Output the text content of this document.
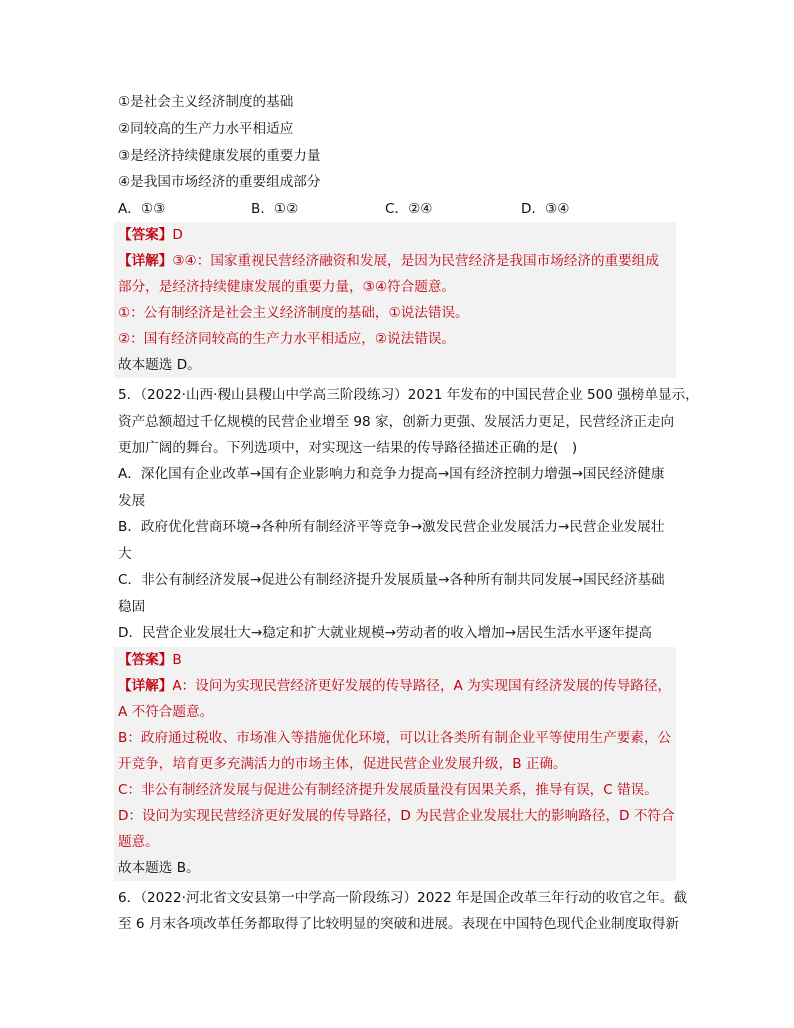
①是社会主义经济制度的基础
②同较高的生产力水平相适应
③是经济持续健康发展的重要力量
④是我国市场经济的重要组成部分
A．①③	B．①②	C．②④	D．③④
【答案】D
【详解】③④：国家重视民营经济融资和发展，是因为民营经济是我国市场经济的重要组成
部分，是经济持续健康发展的重要力量，③④符合题意。
①：公有制经济是社会主义经济制度的基础，①说法错误。
②：国有经济同较高的生产力水平相适应，②说法错误。
故本题选 D。
5．（2022·山西·稷山县稷山中学高三阶段练习）2021 年发布的中国民营企业 500 强榜单显示，
资产总额超过千亿规模的民营企业增至 98 家，创新力更强、发展活力更足，民营经济正走向
更加广阔的舞台。下列选项中，对实现这一结果的传导路径描述正确的是(　)
A．深化国有企业改革→国有企业影响力和竞争力提高→国有经济控制力增强→国民经济健康
发展
B．政府优化营商环境→各种所有制经济平等竞争→激发民营企业发展活力→民营企业发展壮
大
C．非公有制经济发展→促进公有制经济提升发展质量→各种所有制共同发展→国民经济基础
稳固
D．民营企业发展壮大→稳定和扩大就业规模→劳动者的收入增加→居民生活水平逐年提高
【答案】B
【详解】A：设问为实现民营经济更好发展的传导路径，A 为实现国有经济发展的传导路径，
A 不符合题意。
B：政府通过税收、市场准入等措施优化环境，可以让各类所有制企业平等使用生产要素，公
开竞争，培育更多充满活力的市场主体，促进民营企业发展升级，B 正确。
C：非公有制经济发展与促进公有制经济提升发展质量没有因果关系，推导有误，C 错误。
D：设问为实现民营经济更好发展的传导路径，D 为民营企业发展壮大的影响路径，D 不符合
题意。
故本题选 B。
6．（2022·河北省文安县第一中学高一阶段练习）2022 年是国企改革三年行动的收官之年。截
至 6 月末各项改革任务都取得了比较明显的突破和进展。表现在中国特色现代企业制度取得新
